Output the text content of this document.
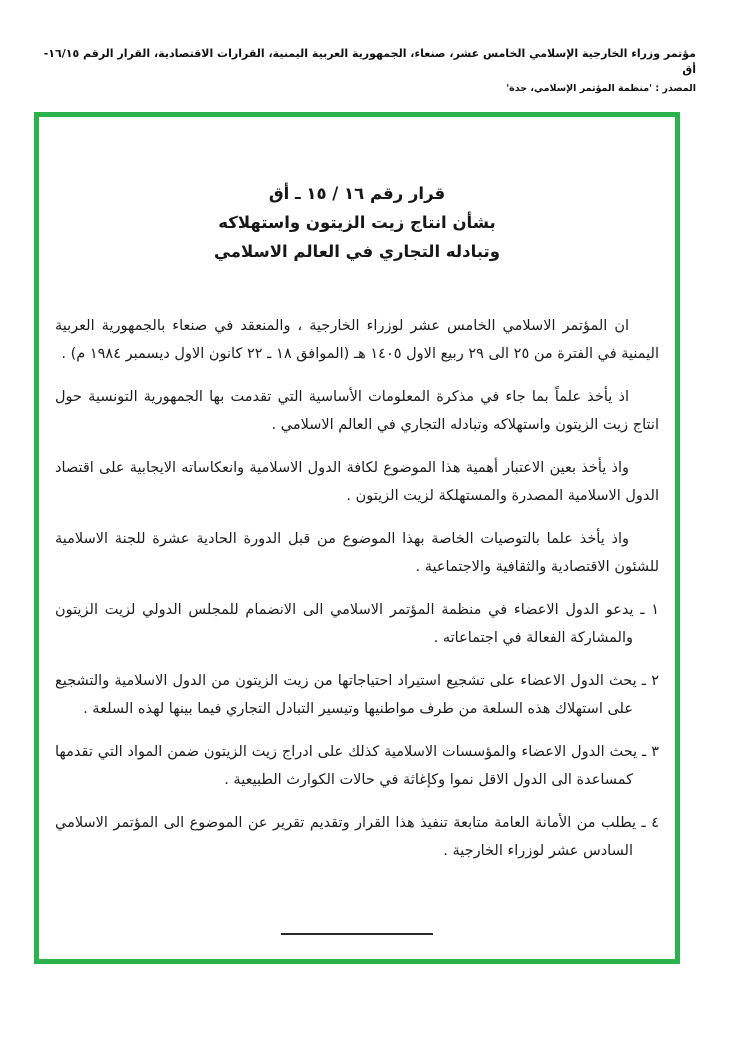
مؤتمر وزراء الخارجية الإسلامي الخامس عشر، صنعاء، الجمهورية العربية اليمنية، القرارات الاقتصادية، القرار الرقم ١٦/١٥-أق
المصدر : 'منظمة المؤتمر الإسلامي، جدة'
قرار رقم ١٦ / ١٥ ـ أق
بشأن انتاج زيت الزيتون واستهلاكه
وتبادله التجاري في العالم الاسلامي

ان المؤتمر الاسلامي الخامس عشر لوزراء الخارجية ، والمنعقد في صنعاء بالجمهورية العربية اليمنية في الفترة من ٢٥ الى ٢٩ ربيع الاول ١٤٠٥ هـ (الموافق ١٨ ـ ٢٢ كانون الاول ديسمبر ١٩٨٤ م) .

اذ يأخذ علماً بما جاء في مذكرة المعلومات الأساسية التي تقدمت بها الجمهورية التونسية حول انتاج زيت الزيتون واستهلاكه وتبادله التجاري في العالم الاسلامي .

واذ يأخذ بعين الاعتبار أهمية هذا الموضوع لكافة الدول الاسلامية وانعكاساته الايجابية على اقتصاد الدول الاسلامية المصدرة والمستهلكة لزيت الزيتون .

واذ يأخذ علما بالتوصيات الخاصة بهذا الموضوع من قبل الدورة الحادية عشرة للجنة الاسلامية للشئون الاقتصادية والثقافية والاجتماعية .

١ ـ يدعو الدول الاعضاء في منظمة المؤتمر الاسلامي الى الانضمام للمجلس الدولي لزيت الزيتون والمشاركة الفعالة في اجتماعاته .

٢ ـ يحث الدول الاعضاء على تشجيع استيراد احتياجاتها من زيت الزيتون من الدول الاسلامية والتشجيع على استهلاك هذه السلعة من طرف مواطنيها وتيسير التبادل التجاري فيما بينها لهذه السلعة .

٣ ـ يحث الدول الاعضاء والمؤسسات الاسلامية كذلك على ادراج زيت الزيتون ضمن المواد التي تقدمها كمساعدة الى الدول الاقل نموا وكإغاثة في حالات الكوارث الطبيعية .

٤ ـ يطلب من الأمانة العامة متابعة تنفيذ هذا القرار وتقديم تقرير عن الموضوع الى المؤتمر الاسلامي السادس عشر لوزراء الخارجية .
